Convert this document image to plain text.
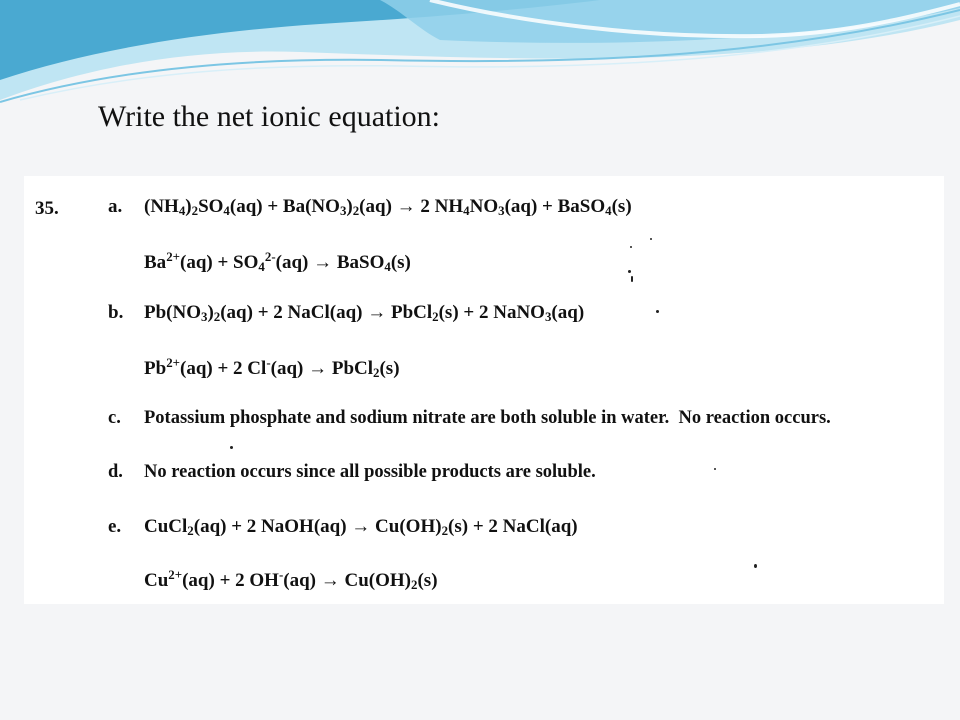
Write the net ionic equation:
35.	a. $(NH_4)_2SO_4(aq) + Ba(NO_3)_2(aq) \to 2$ $NH_4NO_3(aq)$ + BaSO$_4$(s)
$Ba^{2+}(aq) + SO_4^{2-}(aq)$ → BaSO$_4$(s)
b. $Pb(NO_3)_2(aq) + 2$ NaCl(aq) → PbCl$_2$(s) + 2 NaNO$_3$(aq)
$Pb^{2+}(aq) + 2$ Cl-(aq) → PbCl$_2$(s)
c. Potassium phosphate and sodium nitrate are both soluble in water.  No reaction occurs.
d. No reaction occurs since all possible products are soluble.
e. CuCl$_2$(aq) + 2 NaOH(aq) → $Cu(OH)_2(s) + 2$ NaCl(aq)
$Cu^{2+}(aq) + 2$ $OH^-(aq) \to Cu(OH)_2(s)$
